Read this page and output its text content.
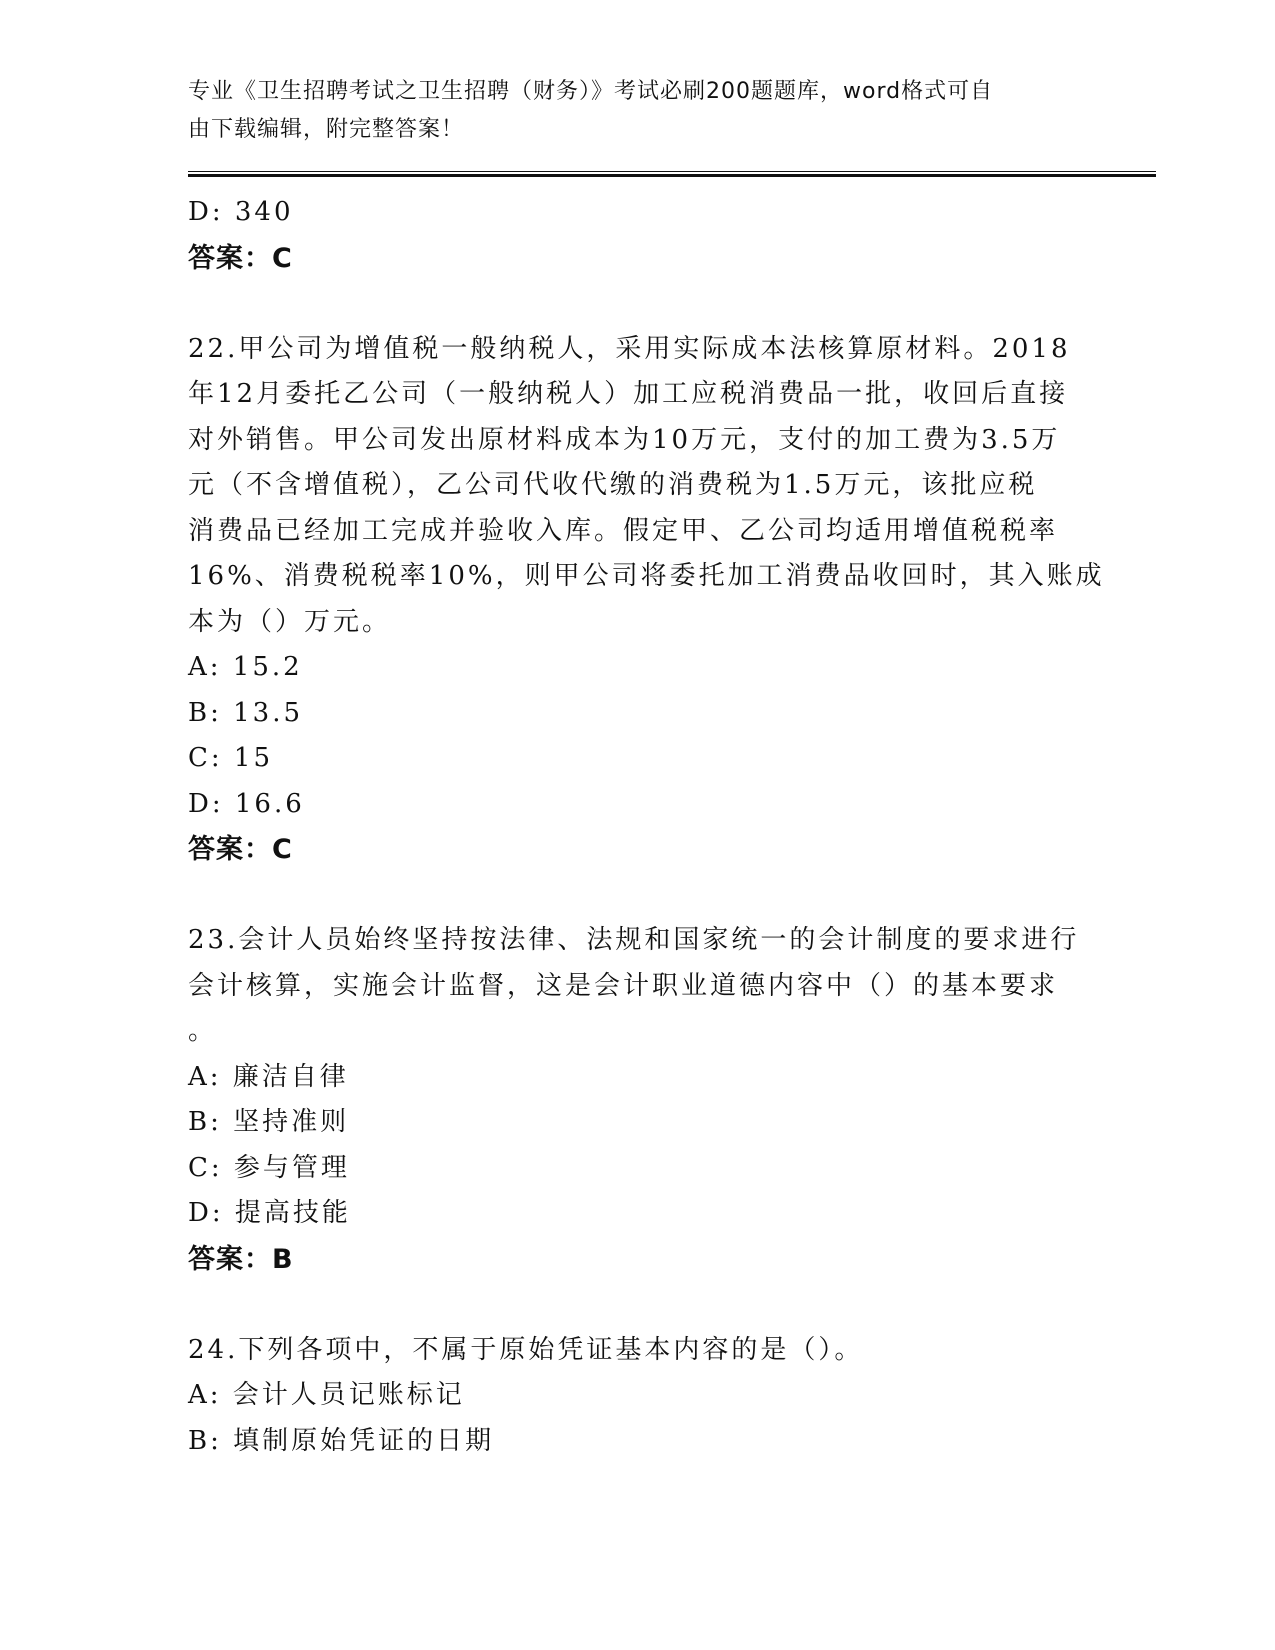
专业《卫生招聘考试之卫生招聘（财务）》考试必刷200题题库，word格式可自
由下载编辑，附完整答案！
D: 340
答案：C
22.甲公司为增值税一般纳税人，采用实际成本法核算原材料。2018
年12月委托乙公司（一般纳税人）加工应税消费品一批，收回后直接
对外销售。甲公司发出原材料成本为10万元，支付的加工费为3.5万
元（不含增值税），乙公司代收代缴的消费税为1.5万元，该批应税
消费品已经加工完成并验收入库。假定甲、乙公司均适用增值税税率
16%、消费税税率10%，则甲公司将委托加工消费品收回时，其入账成
本为（）万元。
A: 15.2
B: 13.5
C: 15
D: 16.6
答案：C
23.会计人员始终坚持按法律、法规和国家统一的会计制度的要求进行
会计核算，实施会计监督，这是会计职业道德内容中（）的基本要求
。
A: 廉洁自律
B: 坚持准则
C: 参与管理
D: 提高技能
答案：B
24.下列各项中，不属于原始凭证基本内容的是（）。
A: 会计人员记账标记
B: 填制原始凭证的日期
